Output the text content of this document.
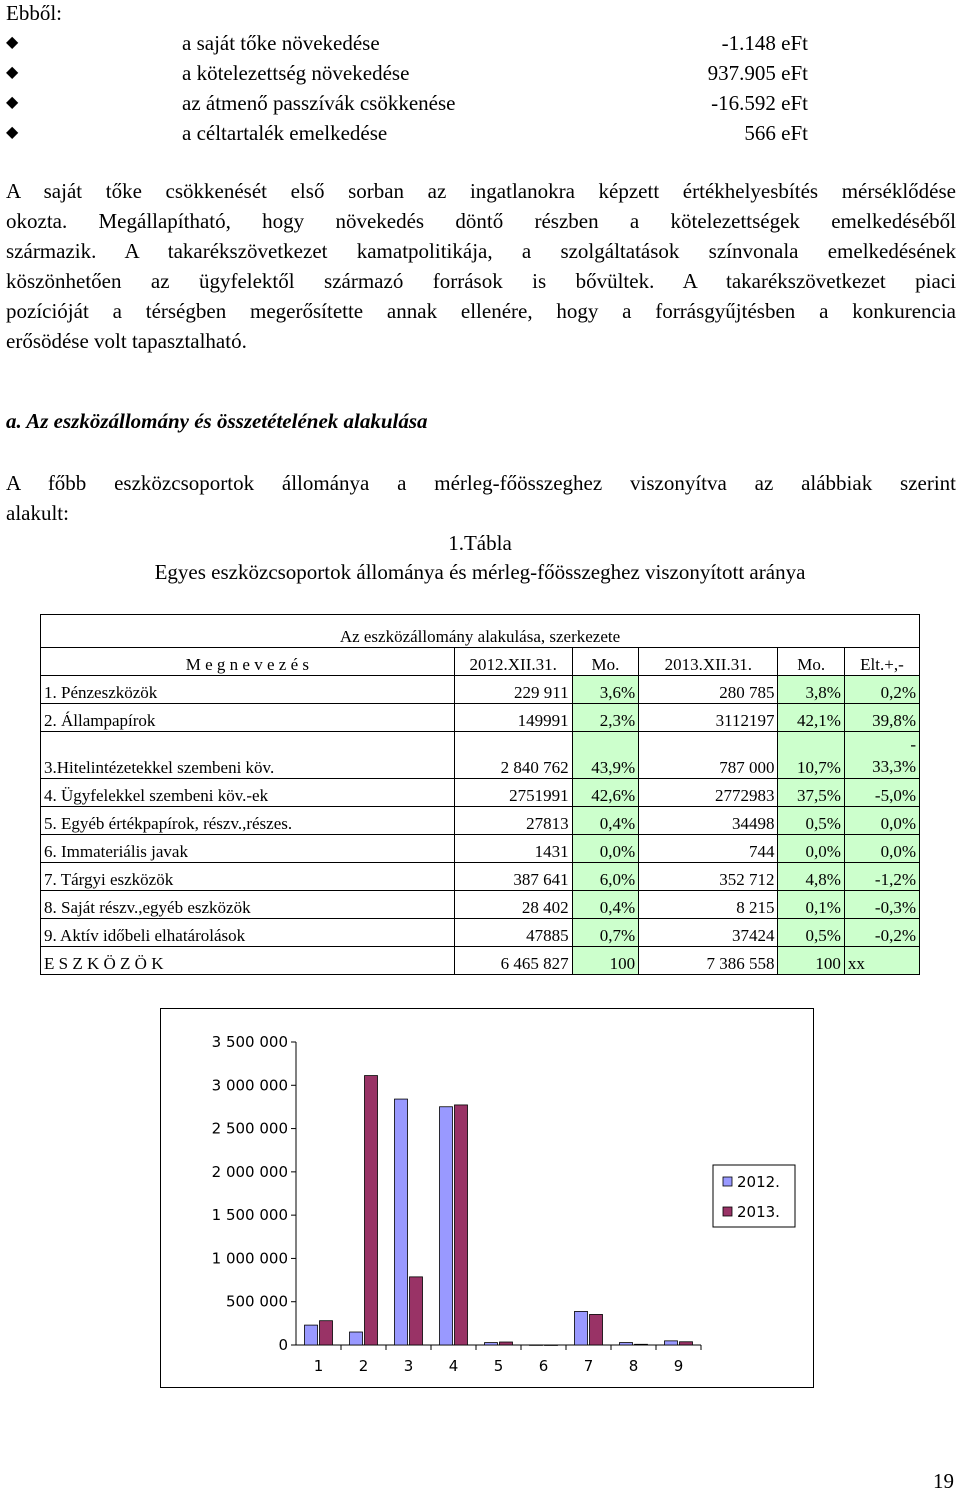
Ebből:
◆	a saját tőke növekedése	-1.148 eFt
◆	a kötelezettség növekedése	937.905 eFt
◆	az átmenő passzívák csökkenése	-16.592 eFt
◆	a céltartalék emelkedése	566 eFt
A saját tőke csökkenését első sorban az ingatlanokra képzett értékhelyesbítés mérséklődése
okozta. Megállapítható, hogy növekedés döntő részben a kötelezettségek emelkedéséből
származik. A takarékszövetkezet kamatpolitikája, a szolgáltatások színvonala emelkedésének
köszönhetően az ügyfelektől származó források is bővültek. A takarékszövetkezet piaci
pozícióját a térségben megerősítette annak ellenére, hogy a forrásgyűjtésben a konkurencia
erősödése volt tapasztalható.
a. Az eszközállomány és összetételének alakulása
A főbb eszközcsoportok állománya a mérleg-főösszeghez viszonyítva az alábbiak szerint
alakult:
1.Tábla
Egyes eszközcsoportok állománya és mérleg-főösszeghez viszonyított aránya
Az eszközállomány alakulása, szerkezete					
M e g n e v e z é s	2012.XII.31.	Mo.	2013.XII.31.	Mo.	Elt.+,-
1. Pénzeszközök	229 911	3,6%	280 785	3,8%	0,2%
2. Állampapírok	149991	2,3%	3112197	42,1%	39,8%
3.Hitelintézetekkel szembeni köv.	2 840 762	43,9%	787 000	10,7%	-
33,3%

4. Ügyfelekkel szembeni köv.-ek	2751991	42,6%	2772983	37,5%	-5,0%
5. Egyéb értékpapírok, részv.,részes.	27813	0,4%	34498	0,5%	0,0%
6. Immateriális javak	1431	0,0%	744	0,0%	0,0%
7. Tárgyi eszközök	387 641	6,0%	352 712	4,8%	-1,2%
8. Saját részv.,egyéb eszközök	28 402	0,4%	8 215	0,1%	-0,3%
9. Aktív időbeli elhatárolások	47885	0,7%	37424	0,5%	-0,2%
E S Z K Ö Z Ö K	6 465 827	100	7 386 558	100	xx
0
500 000
1 000 000
1 500 000
2 000 000
2 500 000
3 000 000
3 500 000
1 2 3 4 5 6 7 8 9
2012.
2013.
19
